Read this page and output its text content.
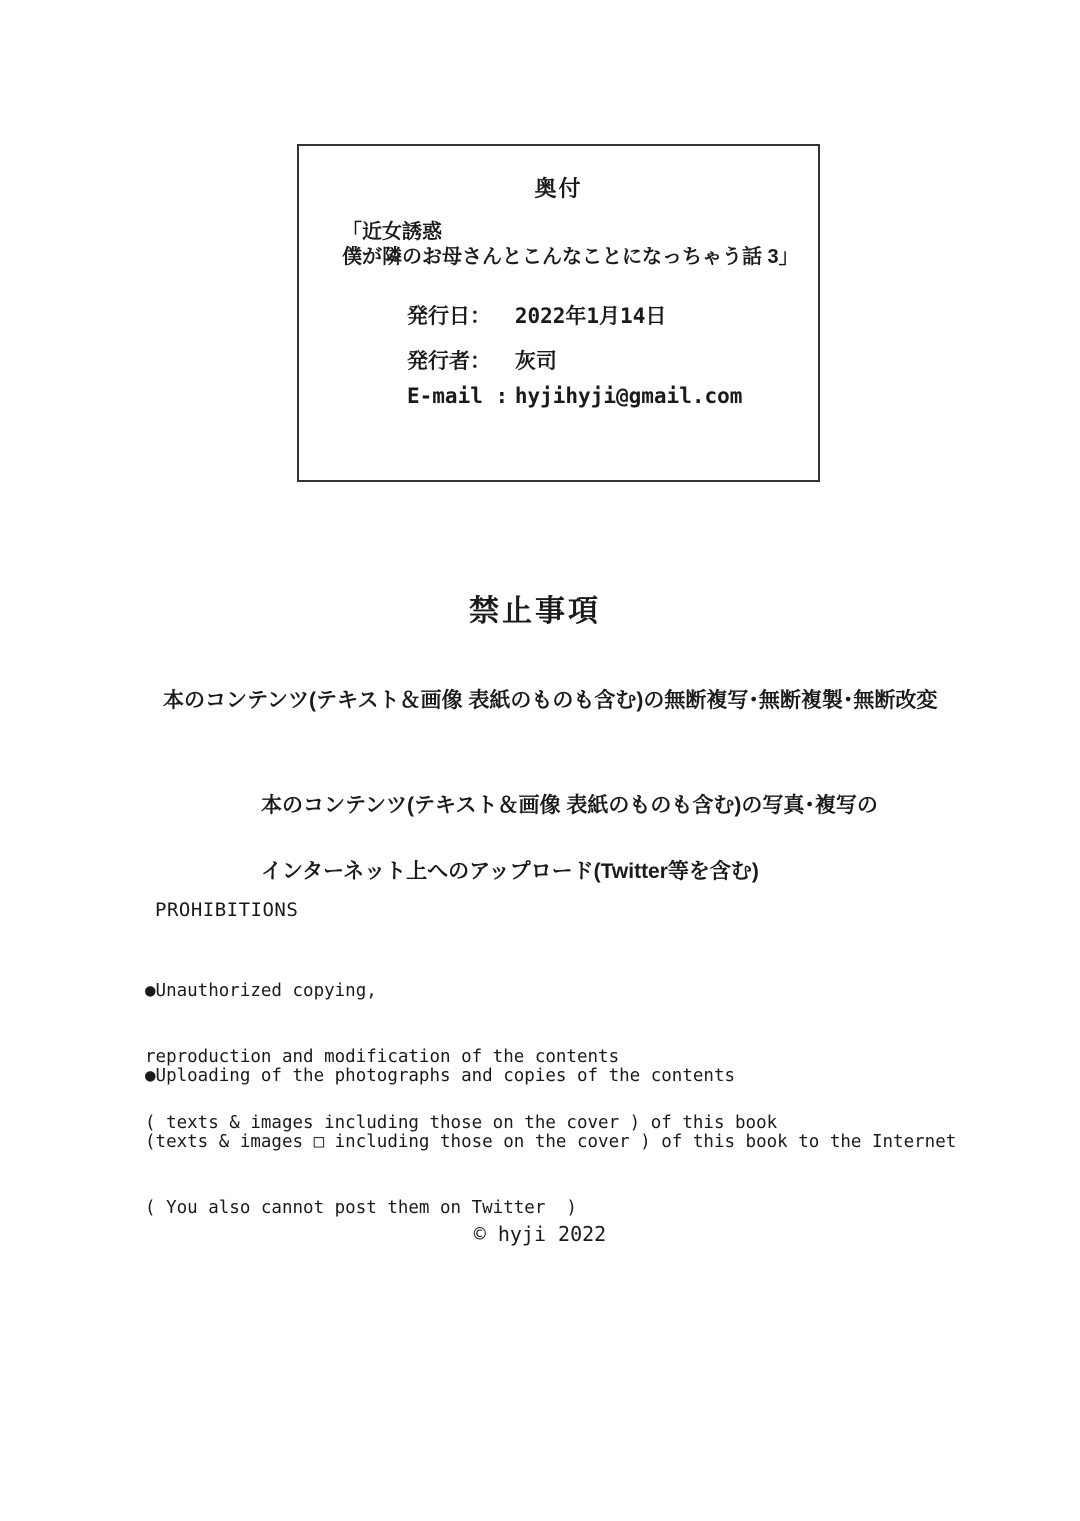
奥付
「近女誘惑
僕が隣のお母さんとこんなことになっちゃう話 3」
発行日： 2022年1月14日
発行者： 灰司
E-mail : hyjihyji@gmail.com
禁止事項
本のコンテンツ(テキスト＆画像 表紙のものも含む)の無断複写･無断複製･無断改変

本のコンテンツ(テキスト＆画像 表紙のものも含む)の写真･複写の

インターネット上へのアップロード(Twitter等を含む)

PROHIBITIONS

●Unauthorized copying,

reproduction and modification of the contents

( texts & images including those on the cover ) of this book

●Uploading of the photographs and copies of the contents

(texts & images □ including those on the cover ) of this book to the Internet

( You also cannot post them on Twitter  )

© hyji 2022
